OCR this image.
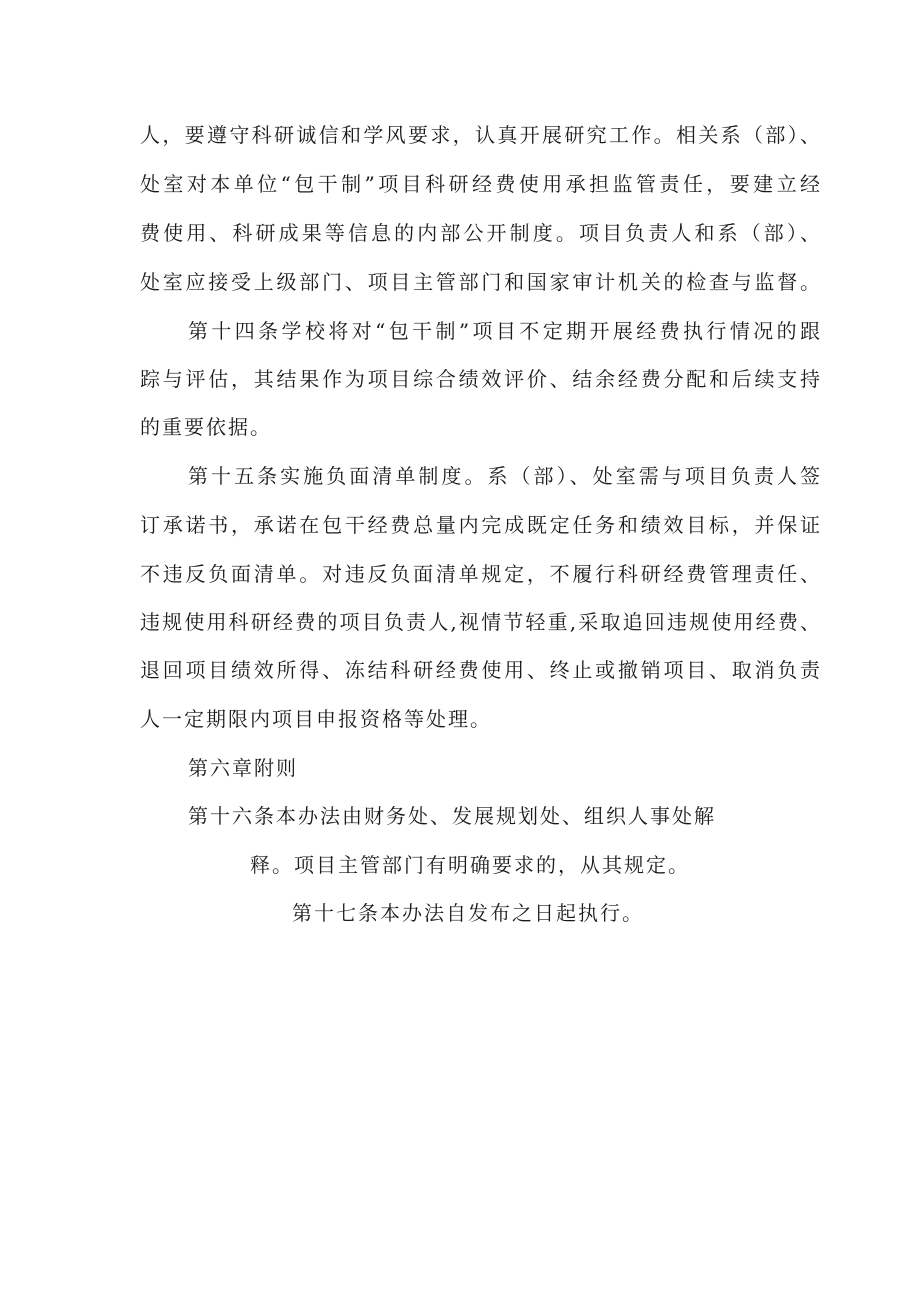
人，要遵守科研诚信和学风要求，认真开展研究工作。相关系（部）、
处室对本单位“包干制”项目科研经费使用承担监管责任，要建立经
费使用、科研成果等信息的内部公开制度。项目负责人和系（部）、
处室应接受上级部门、项目主管部门和国家审计机关的检查与监督。
第十四条学校将对“包干制”项目不定期开展经费执行情况的跟
踪与评估，其结果作为项目综合绩效评价、结余经费分配和后续支持
的重要依据。
第十五条实施负面清单制度。系（部）、处室需与项目负责人签
订承诺书，承诺在包干经费总量内完成既定任务和绩效目标，并保证
不违反负面清单。对违反负面清单规定，不履行科研经费管理责任、
违规使用科研经费的项目负责人,视情节轻重,采取追回违规使用经费、
退回项目绩效所得、冻结科研经费使用、终止或撤销项目、取消负责
人一定期限内项目申报资格等处理。
第六章附则
第十六条本办法由财务处、发展规划处、组织人事处解
释。项目主管部门有明确要求的，从其规定。
第十七条本办法自发布之日起执行。
